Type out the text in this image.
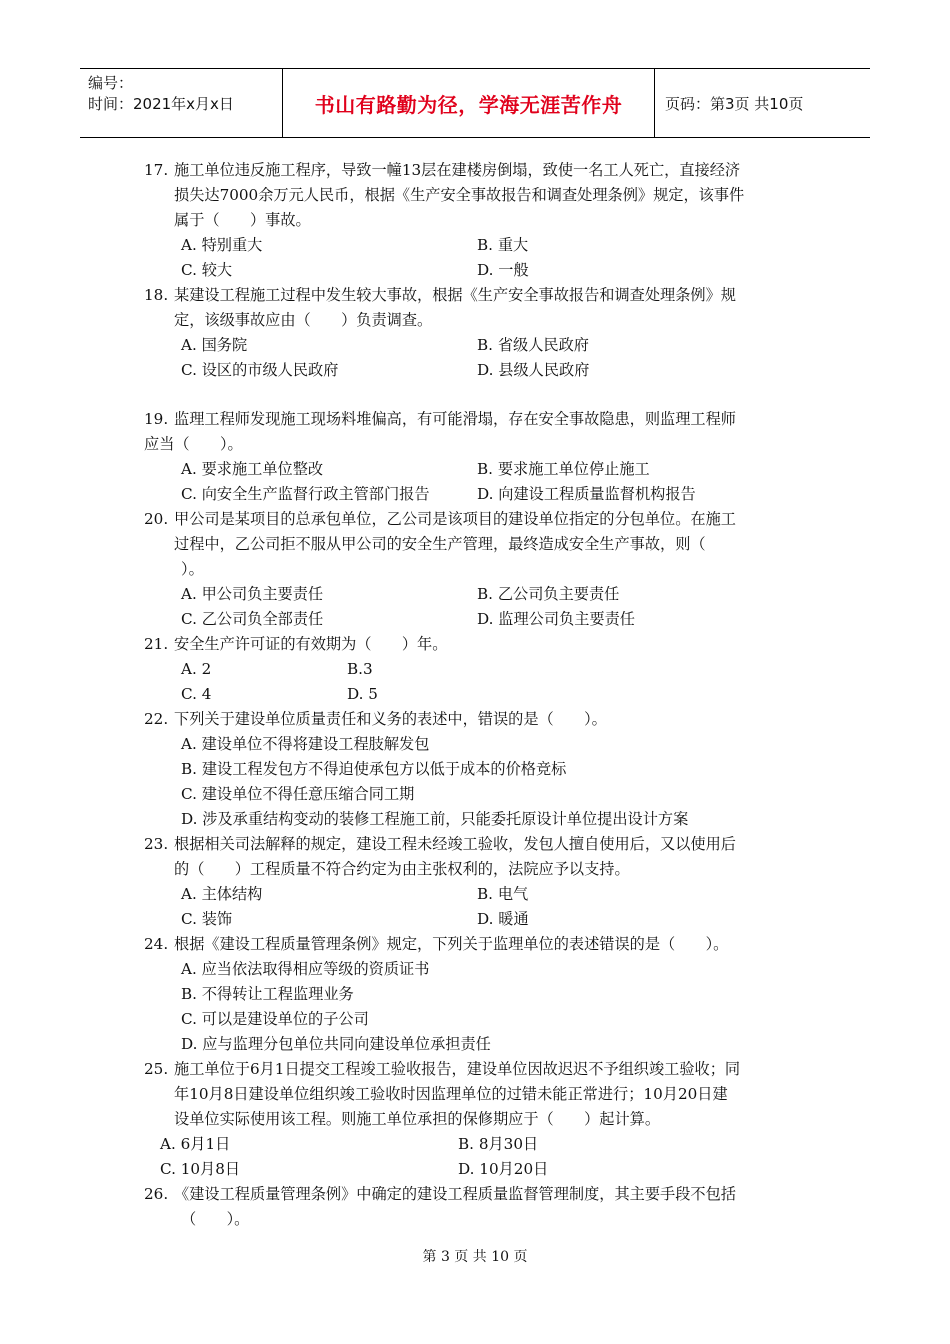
编号：
时间：2021年x月x日	书山有路勤为径，学海无涯苦作舟	页码：第3页 共10页
17. 施工单位违反施工程序，导致一幢13层在建楼房倒塌，致使一名工人死亡，直接经济
损失达7000余万元人民币，根据《生产安全事故报告和调查处理条例》规定，该事件
属于（　　）事故。
A. 特别重大	B. 重大
C. 较大	D. 一般
18. 某建设工程施工过程中发生较大事故，根据《生产安全事故报告和调查处理条例》规
定，该级事故应由（　　）负责调查。
A. 国务院	B. 省级人民政府
C. 设区的市级人民政府	D. 县级人民政府
19. 监理工程师发现施工现场料堆偏高，有可能滑塌，存在安全事故隐患，则监理工程师
应当（　　）。
A. 要求施工单位整改	B. 要求施工单位停止施工
C. 向安全生产监督行政主管部门报告	D. 向建设工程质量监督机构报告
20. 甲公司是某项目的总承包单位，乙公司是该项目的建设单位指定的分包单位。在施工
过程中，乙公司拒不服从甲公司的安全生产管理，最终造成安全生产事故，则（
）。
A. 甲公司负主要责任	B. 乙公司负主要责任
C. 乙公司负全部责任	D. 监理公司负主要责任
21. 安全生产许可证的有效期为（　　）年。
A. 2	B.3
C. 4	D. 5
22. 下列关于建设单位质量责任和义务的表述中，错误的是（　　）。
A. 建设单位不得将建设工程肢解发包
B. 建设工程发包方不得迫使承包方以低于成本的价格竞标
C. 建设单位不得任意压缩合同工期
D. 涉及承重结构变动的装修工程施工前，只能委托原设计单位提出设计方案
23. 根据相关司法解释的规定，建设工程未经竣工验收，发包人擅自使用后，又以使用后
的（　　）工程质量不符合约定为由主张权利的，法院应予以支持。
A. 主体结构	B. 电气
C. 装饰	D. 暖通
24. 根据《建设工程质量管理条例》规定，下列关于监理单位的表述错误的是（　　）。
A. 应当依法取得相应等级的资质证书
B. 不得转让工程监理业务
C. 可以是建设单位的子公司
D. 应与监理分包单位共同向建设单位承担责任
25. 施工单位于6月1日提交工程竣工验收报告，建设单位因故迟迟不予组织竣工验收；同
年10月8日建设单位组织竣工验收时因监理单位的过错未能正常进行；10月20日建
设单位实际使用该工程。则施工单位承担的保修期应于（　　）起计算。
A. 6月1日	B. 8月30日
C. 10月8日	D. 10月20日
26. 《建设工程质量管理条例》中确定的建设工程质量监督管理制度，其主要手段不包括
（　　）。
第 3 页 共 10 页
